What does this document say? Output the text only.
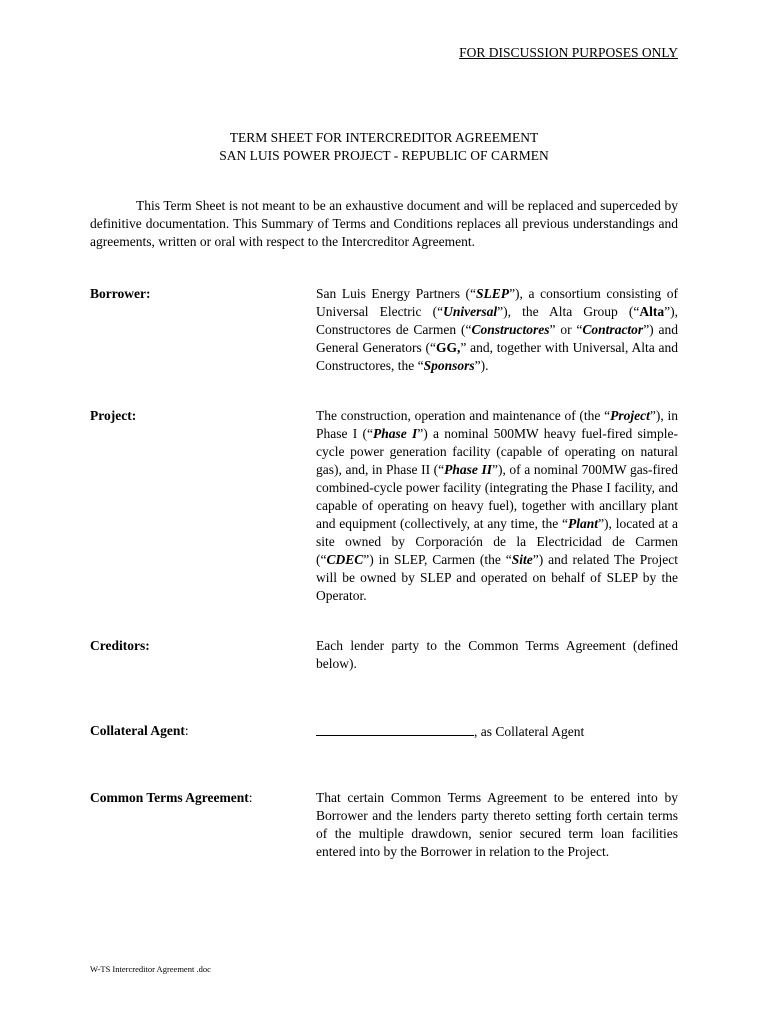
FOR DISCUSSION PURPOSES ONLY
TERM SHEET FOR INTERCREDITOR AGREEMENT
SAN LUIS POWER PROJECT - REPUBLIC OF CARMEN
This Term Sheet is not meant to be an exhaustive document and will be replaced and superceded by definitive documentation. This Summary of Terms and Conditions replaces all previous understandings and agreements, written or oral with respect to the Intercreditor Agreement.
Borrower:	San Luis Energy Partners (“SLEP”), a consortium consisting of Universal Electric (“Universal”), the Alta Group (“Alta”), Constructores de Carmen (“Constructores” or “Contractor”) and General Generators (“GG,” and, together with Universal, Alta and Constructores, the “Sponsors”).
Project:	The construction, operation and maintenance of (the “Project”), in Phase I (“Phase I”) a nominal 500MW heavy fuel-fired simple-cycle power generation facility (capable of operating on natural gas), and, in Phase II (“Phase II”), of a nominal 700MW gas-fired combined-cycle power facility (integrating the Phase I facility, and capable of operating on heavy fuel), together with ancillary plant and equipment (collectively, at any time, the “Plant”), located at a site owned by Corporación de la Electricidad de Carmen (“CDEC”) in SLEP, Carmen (the “Site”) and related The Project will be owned by SLEP and operated on behalf of SLEP by the Operator.
Creditors:	Each lender party to the Common Terms Agreement (defined below).
Collateral Agent:	, as Collateral Agent
Common Terms Agreement:	That certain Common Terms Agreement to be entered into by Borrower and the lenders party thereto setting forth certain terms of the multiple drawdown, senior secured term loan facilities entered into by the Borrower in relation to the Project.
W-TS Intercreditor Agreement .doc
